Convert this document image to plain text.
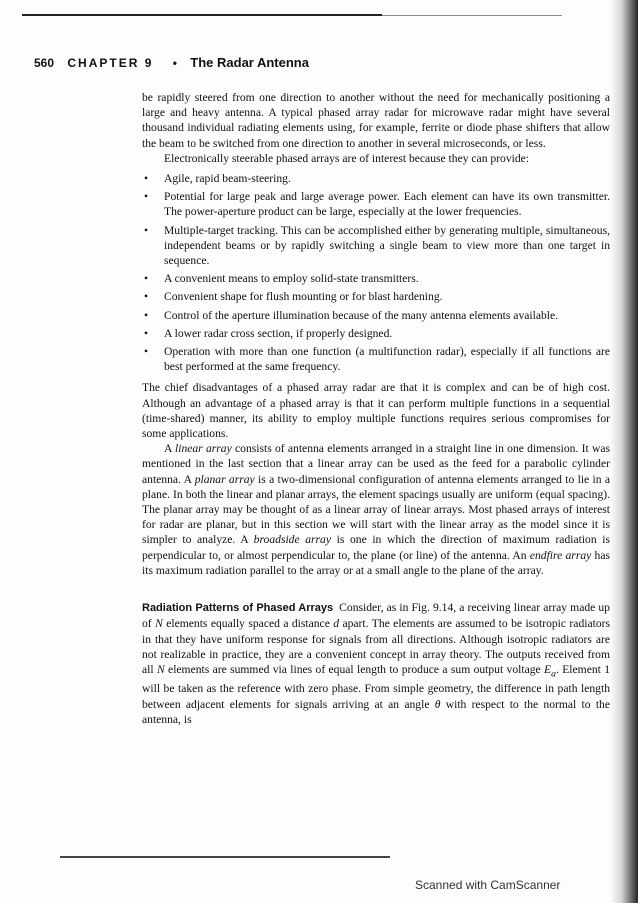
560 CHAPTER 9 • The Radar Antenna

be rapidly steered from one direction to another without the need for mechanically positioning a large and heavy antenna. A typical phased array radar for microwave radar might have several thousand individual radiating elements using, for example, ferrite or diode phase shifters that allow the beam to be switched from one direction to another in several microseconds, or less.

Electronically steerable phased arrays are of interest because they can provide:

• Agile, rapid beam-steering.
• Potential for large peak and large average power. Each element can have its own transmitter. The power-aperture product can be large, especially at the lower frequencies.
• Multiple-target tracking. This can be accomplished either by generating multiple, simultaneous, independent beams or by rapidly switching a single beam to view more than one target in sequence.
• A convenient means to employ solid-state transmitters.
• Convenient shape for flush mounting or for blast hardening.
• Control of the aperture illumination because of the many antenna elements available.
• A lower radar cross section, if properly designed.
• Operation with more than one function (a multifunction radar), especially if all functions are best performed at the same frequency.

The chief disadvantages of a phased array radar are that it is complex and can be of high cost. Although an advantage of a phased array is that it can perform multiple functions in a sequential (time-shared) manner, its ability to employ multiple functions requires serious compromises for some applications.

A linear array consists of antenna elements arranged in a straight line in one dimension. It was mentioned in the last section that a linear array can be used as the feed for a parabolic cylinder antenna. A planar array is a two-dimensional configuration of antenna elements arranged to lie in a plane. In both the linear and planar arrays, the element spacings usually are uniform (equal spacing). The planar array may be thought of as a linear array of linear arrays. Most phased arrays of interest for radar are planar, but in this section we will start with the linear array as the model since it is simpler to analyze. A broadside array is one in which the direction of maximum radiation is perpendicular to, or almost perpendicular to, the plane (or line) of the antenna. An endfire array has its maximum radiation parallel to the array or at a small angle to the plane of the array.

Radiation Patterns of Phased Arrays Consider, as in Fig. 9.14, a receiving linear array made up of N elements equally spaced a distance d apart. The elements are assumed to be isotropic radiators in that they have uniform response for signals from all directions. Although isotropic radiators are not realizable in practice, they are a convenient concept in array theory. The outputs received from all N elements are summed via lines of equal length to produce a sum output voltage $E_a$. Element 1 will be taken as the reference with zero phase. From simple geometry, the difference in path length between adjacent elements for signals arriving at an angle θ with respect to the normal to the antenna, is

Scanned with CamScanner
